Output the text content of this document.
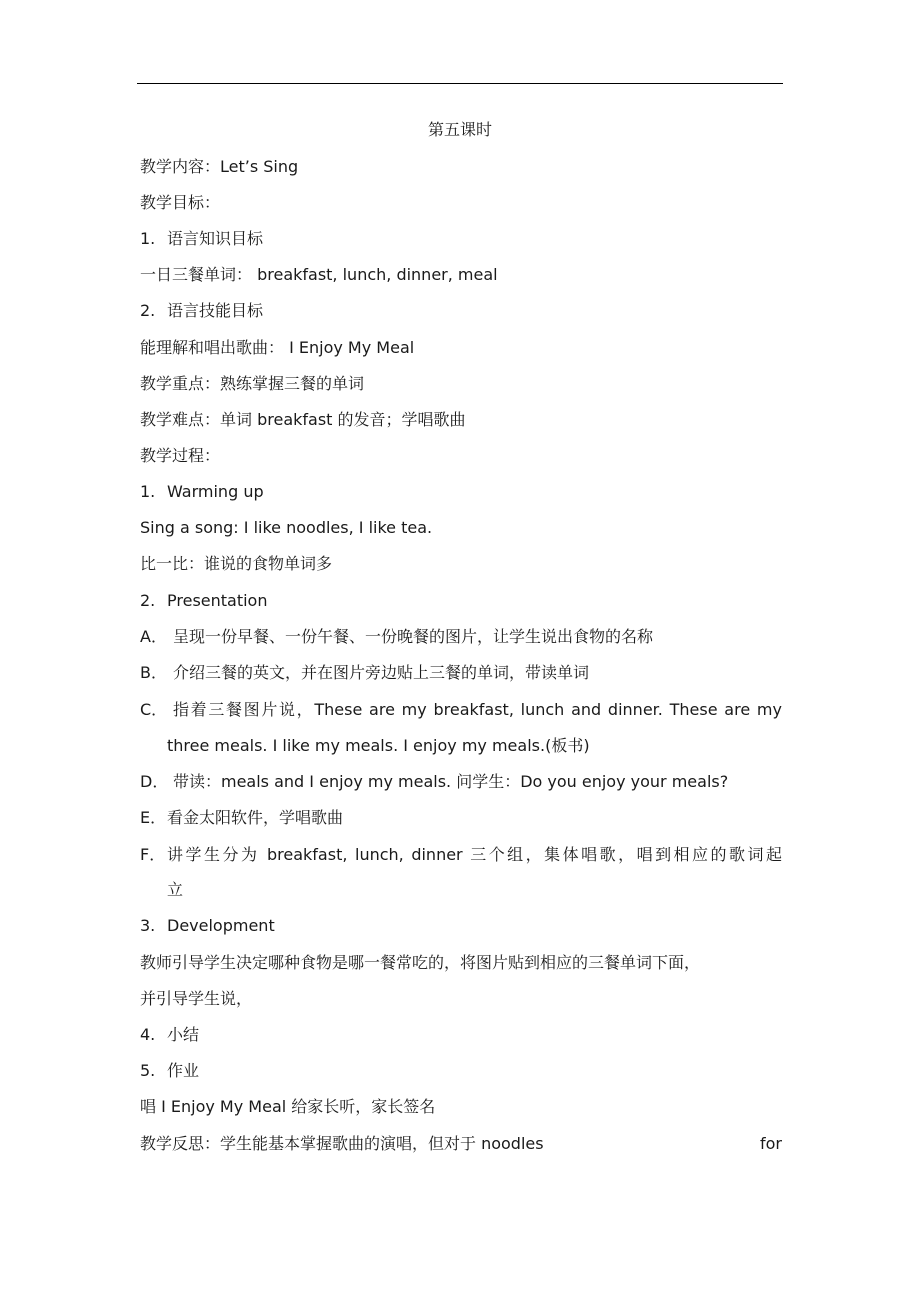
第五课时
教学内容：Let’s Sing
教学目标：
1. 语言知识目标
一日三餐单词： breakfast, lunch, dinner, meal
2. 语言技能目标
能理解和唱出歌曲： I Enjoy My Meal
教学重点：熟练掌握三餐的单词
教学难点：单词 breakfast 的发音；学唱歌曲
教学过程：
1. Warming up
Sing a song: I like noodles, I like tea.
比一比：谁说的食物单词多
2. Presentation
A． 呈现一份早餐、一份午餐、一份晚餐的图片，让学生说出食物的名称
B． 介绍三餐的英文，并在图片旁边贴上三餐的单词，带读单词
C． 指着三餐图片说，These are my breakfast, lunch and dinner. These are my
three meals. I like my meals. I enjoy my meals.(板书)
D． 带读：meals and I enjoy my meals. 问学生：Do you enjoy your meals?
E．看金太阳软件，学唱歌曲
F． 讲学生分为 breakfast, lunch, dinner 三个组，集体唱歌，唱到相应的歌词起
立
3. Development
教师引导学生决定哪种食物是哪一餐常吃的，将图片贴到相应的三餐单词下面，
并引导学生说，
4. 小结
5. 作业
唱 I Enjoy My Meal 给家长听，家长签名
教学反思：学生能基本掌握歌曲的演唱，但对于 noodles	for
